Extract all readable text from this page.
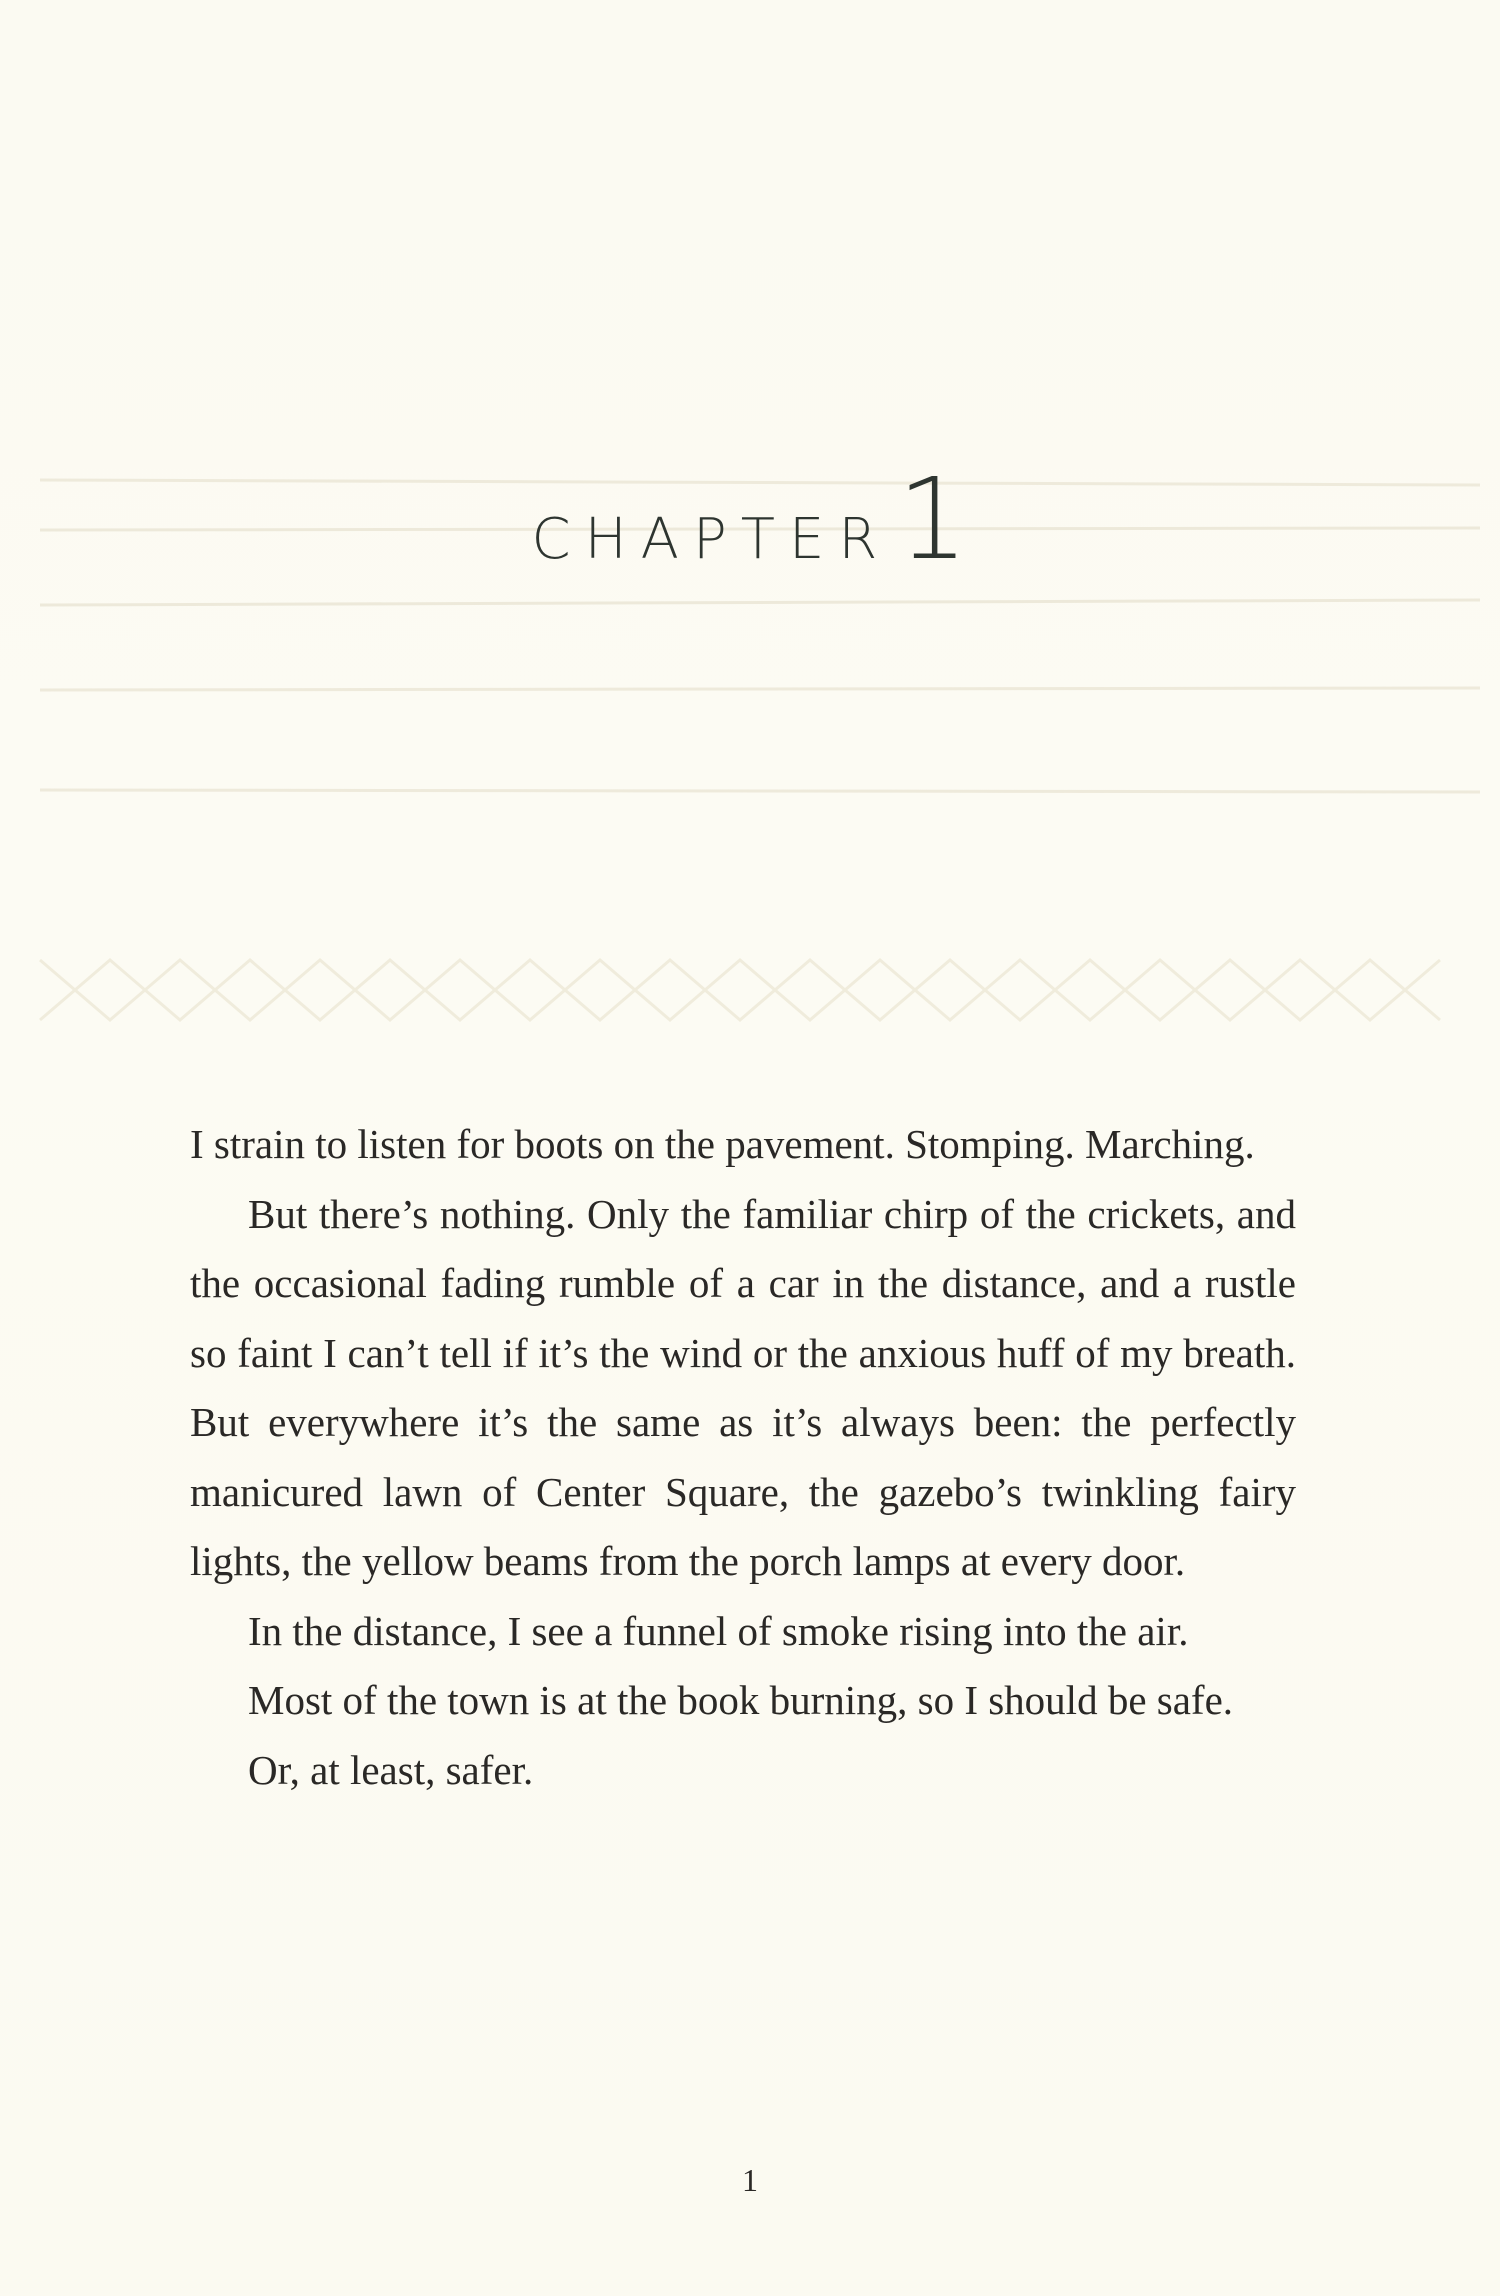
CHAPTER1

I strain to listen for boots on the pavement. Stomping. Marching.

But there’s nothing. Only the familiar chirp of the crickets, and the occasional fading rumble of a car in the distance, and a rustle so faint I can’t tell if it’s the wind or the anxious huff of my breath. But everywhere it’s the same as it’s always been: the perfectly manicured lawn of Center Square, the gazebo’s twinkling fairy lights, the yellow beams from the porch lamps at every door.

In the distance, I see a funnel of smoke rising into the air.

Most of the town is at the book burning, so I should be safe.

Or, at least, safer.

1
